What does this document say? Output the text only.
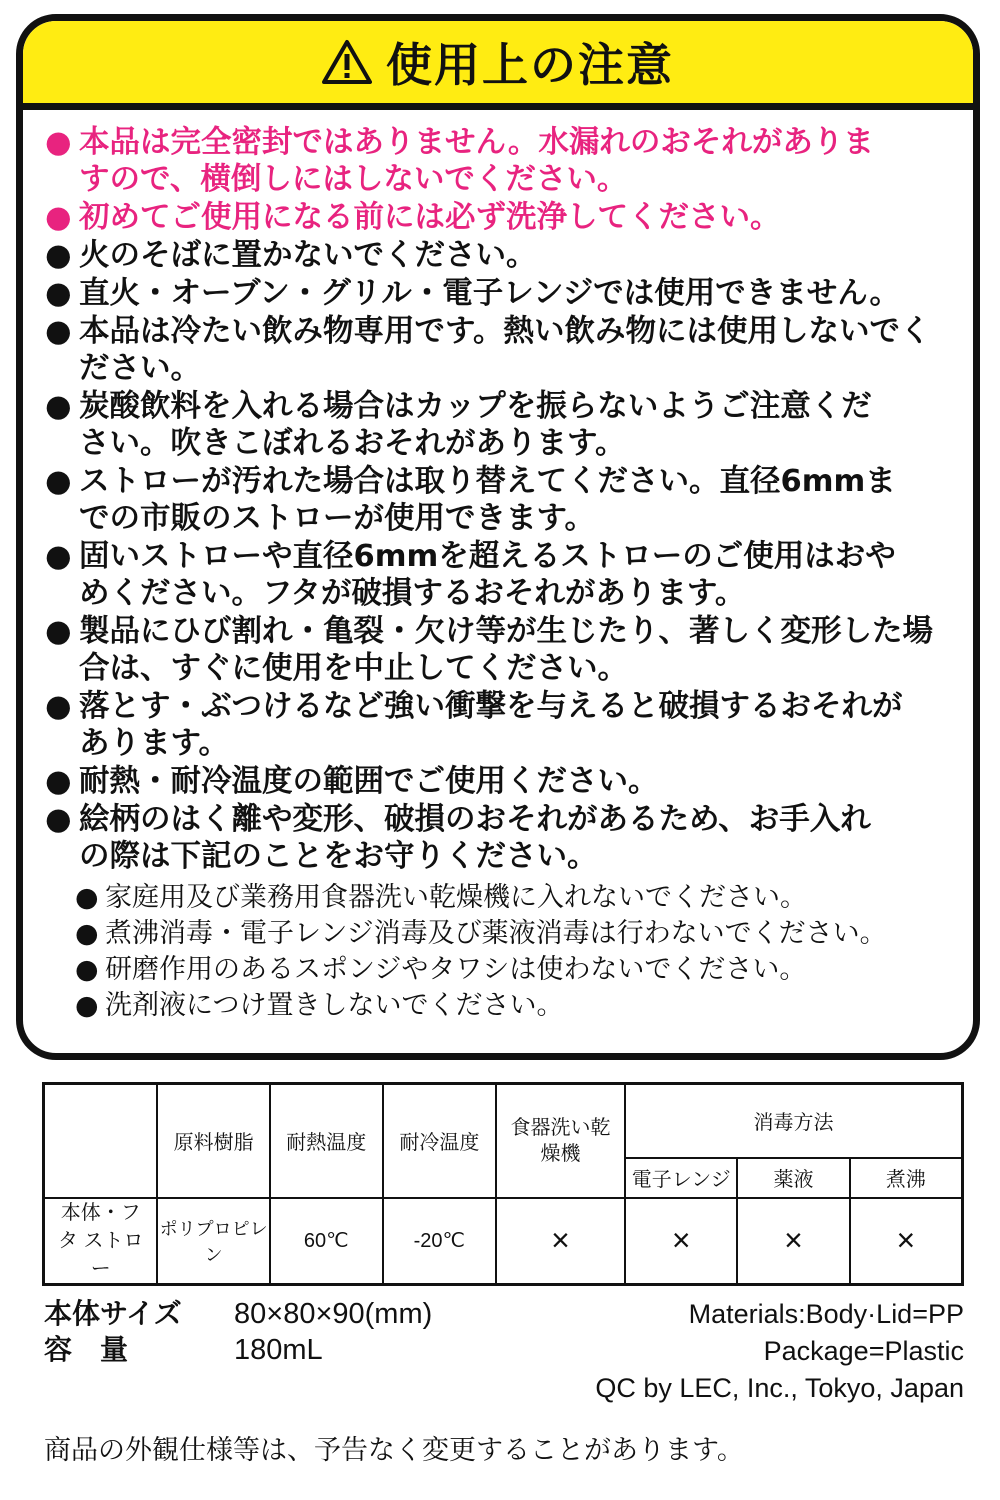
使用上の注意
● 本品は完全密封ではありません。水漏れのおそれがありま
すので、横倒しにはしないでください。
● 初めてご使用になる前には必ず洗浄してください。
● 火のそばに置かないでください。
● 直火・オーブン・グリル・電子レンジでは使用できません。
● 本品は冷たい飲み物専用です。熱い飲み物には使用しないでく
ださい。
● 炭酸飲料を入れる場合はカップを振らないようご注意くだ
さい。吹きこぼれるおそれがあります。
● ストローが汚れた場合は取り替えてください。直径6mmま
での市販のストローが使用できます。
● 固いストローや直径6mmを超えるストローのご使用はおや
めください。フタが破損するおそれがあります。
● 製品にひび割れ・亀裂・欠け等が生じたり、著しく変形した場
合は、すぐに使用を中止してください。
● 落とす・ぶつけるなど強い衝撃を与えると破損するおそれが
あります。
● 耐熱・耐冷温度の範囲でご使用ください。
● 絵柄のはく離や変形、破損のおそれがあるため、お手入れ
の際は下記のことをお守りください。
● 家庭用及び業務用食器洗い乾燥機に入れないでください。
● 煮沸消毒・電子レンジ消毒及び薬液消毒は行わないでください。
● 研磨作用のあるスポンジやタワシは使わないでください。
● 洗剤液につけ置きしないでください。
	原料樹脂	耐熱温度	耐冷温度	食器洗い乾燥機	消毒方法		
					電子レンジ	薬液	煮沸
本体・フタ ストロー	ポリプロピレン	60℃	-20℃	×	×	×	×
本体サイズ	80×80×90(mm)
容　量	180mL
Materials:Body·Lid=PP
Package=Plastic
QC by LEC, Inc., Tokyo, Japan
商品の外観仕様等は、予告なく変更することがあります。
